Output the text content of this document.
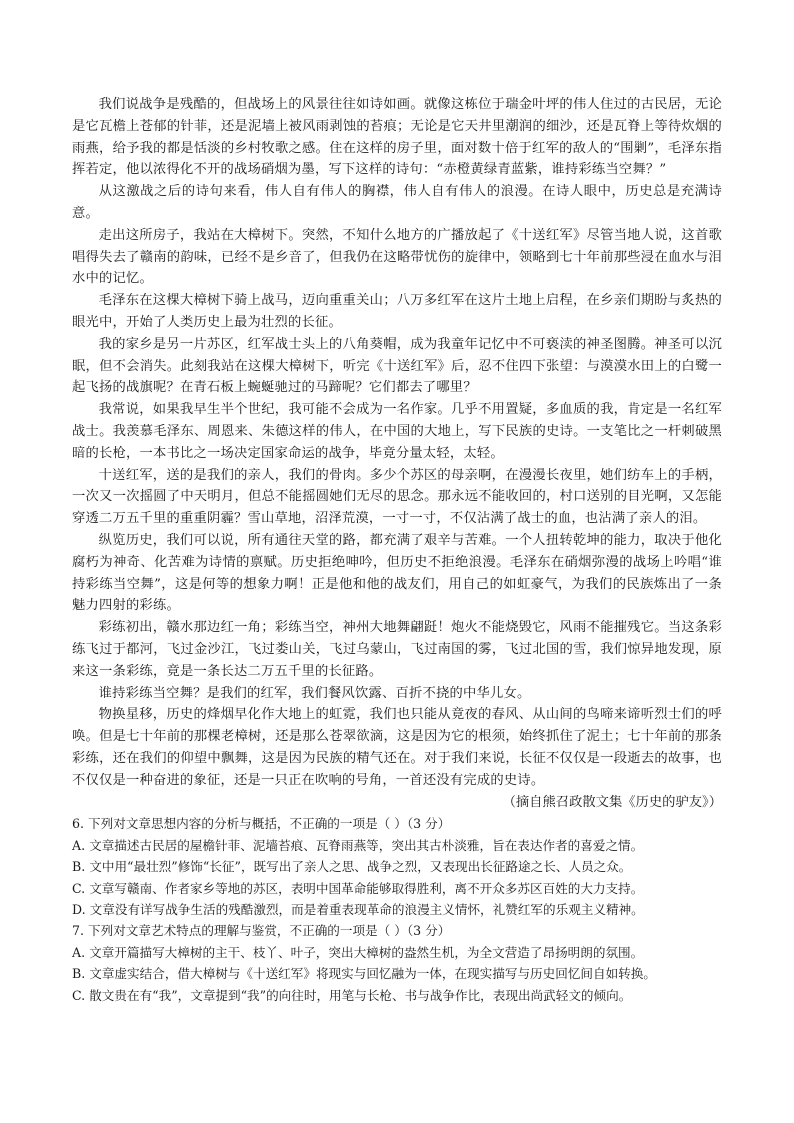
我们说战争是残酷的，但战场上的风景往往如诗如画。就像这栋位于瑞金叶坪的伟人住过的古民居，无论是它瓦檐上苍郁的针菲，还是泥墙上被风雨剥蚀的苔痕；无论是它天井里潮润的细沙，还是瓦脊上等待炊烟的雨燕，给予我的都是恬淡的乡村牧歌之感。住在这样的房子里，面对数十倍于红军的敌人的“围剿”，毛泽东指挥若定，他以浓得化不开的战场硝烟为墨，写下这样的诗句：“赤橙黄绿青蓝紫，谁持彩练当空舞？”

从这激战之后的诗句来看，伟人自有伟人的胸襟，伟人自有伟人的浪漫。在诗人眼中，历史总是充满诗意。

走出这所房子，我站在大樟树下。突然，不知什么地方的广播放起了《十送红军》尽管当地人说，这首歌唱得失去了赣南的韵味，已经不是乡音了，但我仍在这略带忧伤的旋律中，领略到七十年前那些浸在血水与泪水中的记忆。

毛泽东在这棵大樟树下骑上战马，迈向重重关山；八万多红军在这片土地上启程，在乡亲们期盼与炙热的眼光中，开始了人类历史上最为壮烈的长征。

我的家乡是另一片苏区，红军战士头上的八角葵帽，成为我童年记忆中不可亵渎的神圣图腾。神圣可以沉眠，但不会消失。此刻我站在这棵大樟树下，听完《十送红军》后，忍不住四下张望：与漠漠水田上的白鹭一起飞扬的战旗呢？在青石板上蜿蜒驰过的马蹄呢？它们都去了哪里？

我常说，如果我早生半个世纪，我可能不会成为一名作家。几乎不用置疑，多血质的我，肯定是一名红军战士。我羡慕毛泽东、周恩来、朱德这样的伟人，在中国的大地上，写下民族的史诗。一支笔比之一杆刺破黑暗的长枪，一本书比之一场决定国家命运的战争，毕竟分量太轻，太轻。

十送红军，送的是我们的亲人，我们的骨肉。多少个苏区的母亲啊，在漫漫长夜里，她们纺车上的手柄，一次又一次摇圆了中天明月，但总不能摇圆她们无尽的思念。那永远不能收回的，村口送别的目光啊，又怎能穿透二万五千里的重重阴霾？雪山草地，沼泽荒漠，一寸一寸，不仅沾满了战士的血，也沾满了亲人的泪。

纵览历史，我们可以说，所有通往天堂的路，都充满了艰辛与苦难。一个人扭转乾坤的能力，取决于他化腐朽为神奇、化苦难为诗情的禀赋。历史拒绝呻吟，但历史不拒绝浪漫。毛泽东在硝烟弥漫的战场上吟唱“谁持彩练当空舞”，这是何等的想象力啊！正是他和他的战友们，用自己的如虹豪气，为我们的民族炼出了一条魅力四射的彩练。

彩练初出，赣水那边红一角；彩练当空，神州大地舞翩跹！炮火不能烧毁它，风雨不能摧残它。当这条彩练飞过于都河，飞过金沙江，飞过娄山关，飞过乌蒙山，飞过南国的雾，飞过北国的雪，我们惊异地发现，原来这一条彩练，竟是一条长达二万五千里的长征路。

谁持彩练当空舞？是我们的红军，我们餐风饮露、百折不挠的中华儿女。

物换星移，历史的烽烟早化作大地上的虹霓，我们也只能从竟夜的春风、从山间的鸟啼来谛听烈士们的呼唤。但是七十年前的那棵老樟树，还是那么苍翠欲滴，这是因为它的根须，始终抓住了泥土；七十年前的那条彩练，还在我们的仰望中飘舞，这是因为民族的精气还在。对于我们来说，长征不仅仅是一段逝去的故事，也不仅仅是一种奋进的象征，还是一只正在吹响的号角，一首还没有完成的史诗。

（摘自熊召政散文集《历史的驴友》）

6. 下列对文章思想内容的分析与概括，不正确的一项是（ ）（3 分）

A. 文章描述古民居的屋檐针菲、泥墙苔痕、瓦脊雨燕等，突出其古朴淡雅，旨在表达作者的喜爱之情。

B. 文中用“最壮烈”修饰“长征”，既写出了亲人之思、战争之烈，又表现出长征路途之长、人员之众。

C. 文章写赣南、作者家乡等地的苏区，表明中国革命能够取得胜利，离不开众多苏区百姓的大力支持。

D. 文章没有详写战争生活的残酷激烈，而是着重表现革命的浪漫主义情怀，礼赞红军的乐观主义精神。

7. 下列对文章艺术特点的理解与鉴赏，不正确的一项是（ ）（3 分）

A. 文章开篇描写大樟树的主干、枝丫、叶子，突出大樟树的盎然生机，为全文营造了昂扬明朗的氛围。

B. 文章虚实结合，借大樟树与《十送红军》将现实与回忆融为一体，在现实描写与历史回忆间自如转换。

C. 散文贵在有“我”，文章提到“我”的向往时，用笔与长枪、书与战争作比，表现出尚武轻文的倾向。
